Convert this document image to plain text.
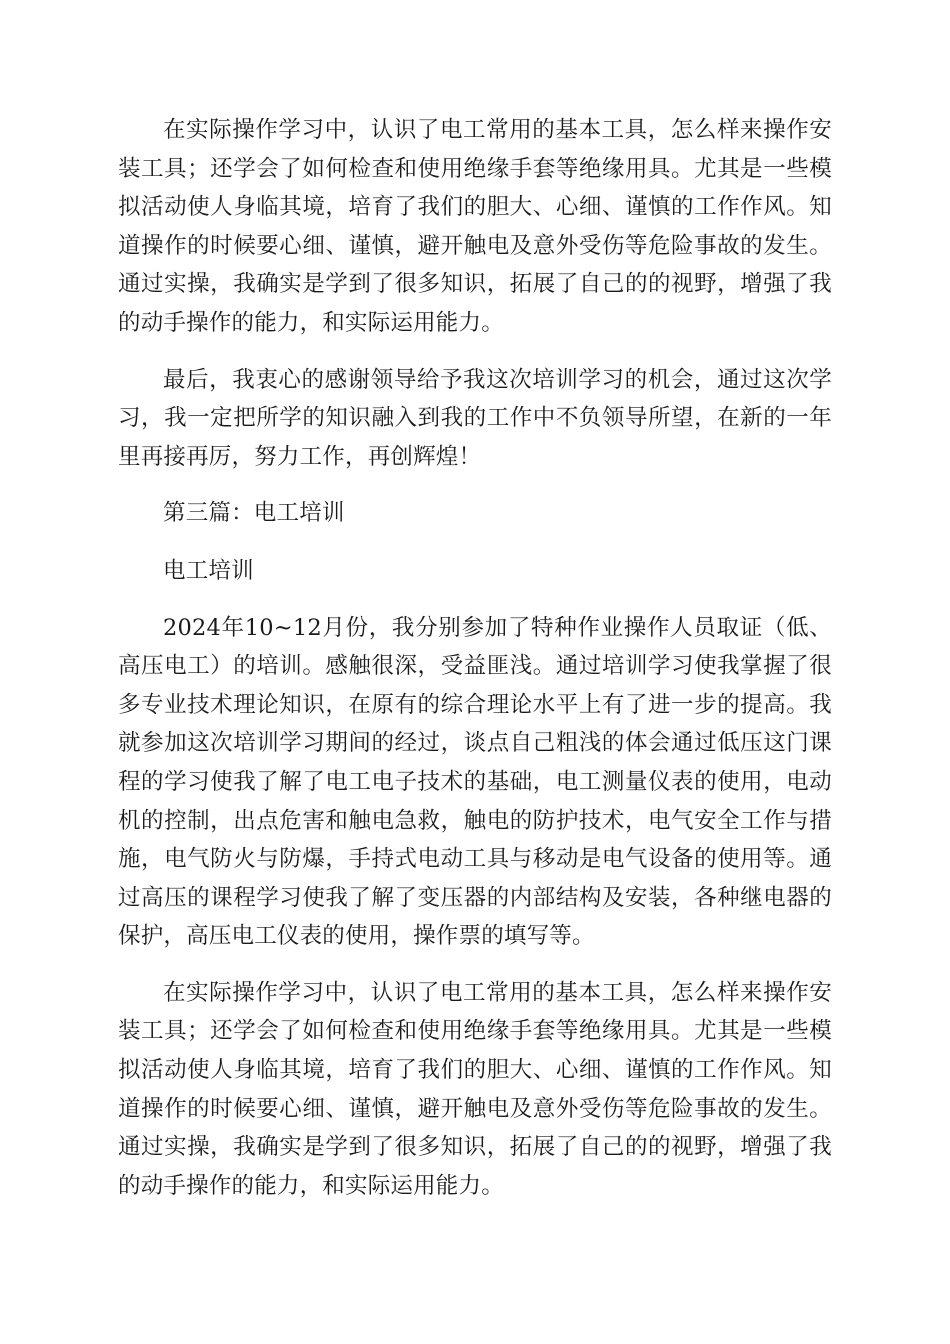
在实际操作学习中，认识了电工常用的基本工具，怎么样来操作安装工具；还学会了如何检查和使用绝缘手套等绝缘用具。尤其是一些模拟活动使人身临其境，培育了我们的胆大、心细、谨慎的工作作风。知道操作的时候要心细、谨慎，避开触电及意外受伤等危险事故的发生。通过实操，我确实是学到了很多知识，拓展了自己的的视野，增强了我的动手操作的能力，和实际运用能力。

最后，我衷心的感谢领导给予我这次培训学习的机会，通过这次学习，我一定把所学的知识融入到我的工作中不负领导所望，在新的一年里再接再厉，努力工作，再创辉煌！

第三篇：电工培训

电工培训

2024年10~12月份，我分别参加了特种作业操作人员取证（低、高压电工）的培训。感触很深，受益匪浅。通过培训学习使我掌握了很多专业技术理论知识，在原有的综合理论水平上有了进一步的提高。我就参加这次培训学习期间的经过，谈点自己粗浅的体会通过低压这门课程的学习使我了解了电工电子技术的基础，电工测量仪表的使用，电动机的控制，出点危害和触电急救，触电的防护技术，电气安全工作与措施，电气防火与防爆，手持式电动工具与移动是电气设备的使用等。通过高压的课程学习使我了解了变压器的内部结构及安装，各种继电器的保护，高压电工仪表的使用，操作票的填写等。

在实际操作学习中，认识了电工常用的基本工具，怎么样来操作安装工具；还学会了如何检查和使用绝缘手套等绝缘用具。尤其是一些模拟活动使人身临其境，培育了我们的胆大、心细、谨慎的工作作风。知道操作的时候要心细、谨慎，避开触电及意外受伤等危险事故的发生。通过实操，我确实是学到了很多知识，拓展了自己的的视野，增强了我的动手操作的能力，和实际运用能力。
